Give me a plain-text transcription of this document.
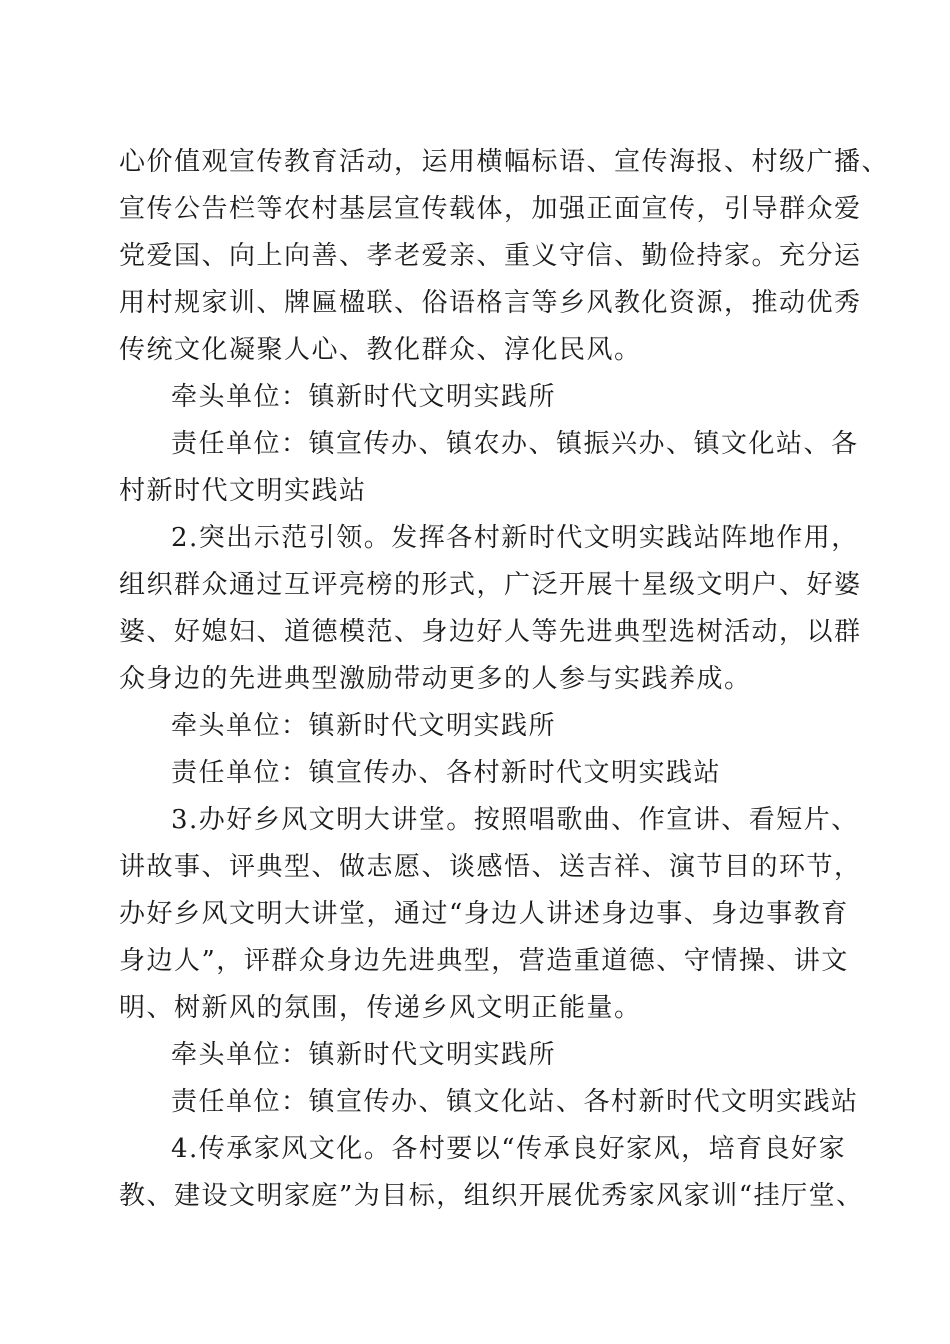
心价值观宣传教育活动，运用横幅标语、宣传海报、村级广播、
宣传公告栏等农村基层宣传载体，加强正面宣传，引导群众爱
党爱国、向上向善、孝老爱亲、重义守信、勤俭持家。充分运
用村规家训、牌匾楹联、俗语格言等乡风教化资源，推动优秀
传统文化凝聚人心、教化群众、淳化民风。
牵头单位：镇新时代文明实践所
责任单位：镇宣传办、镇农办、镇振兴办、镇文化站、各
村新时代文明实践站
2.突出示范引领。发挥各村新时代文明实践站阵地作用，
组织群众通过互评亮榜的形式，广泛开展十星级文明户、好婆
婆、好媳妇、道德模范、身边好人等先进典型选树活动，以群
众身边的先进典型激励带动更多的人参与实践养成。
牵头单位：镇新时代文明实践所
责任单位：镇宣传办、各村新时代文明实践站
3.办好乡风文明大讲堂。按照唱歌曲、作宣讲、看短片、
讲故事、评典型、做志愿、谈感悟、送吉祥、演节目的环节，
办好乡风文明大讲堂，通过“身边人讲述身边事、身边事教育
身边人”，评群众身边先进典型，营造重道德、守情操、讲文
明、树新风的氛围，传递乡风文明正能量。
牵头单位：镇新时代文明实践所
责任单位：镇宣传办、镇文化站、各村新时代文明实践站
4.传承家风文化。各村要以“传承良好家风，培育良好家
教、建设文明家庭”为目标，组织开展优秀家风家训“挂厅堂、
